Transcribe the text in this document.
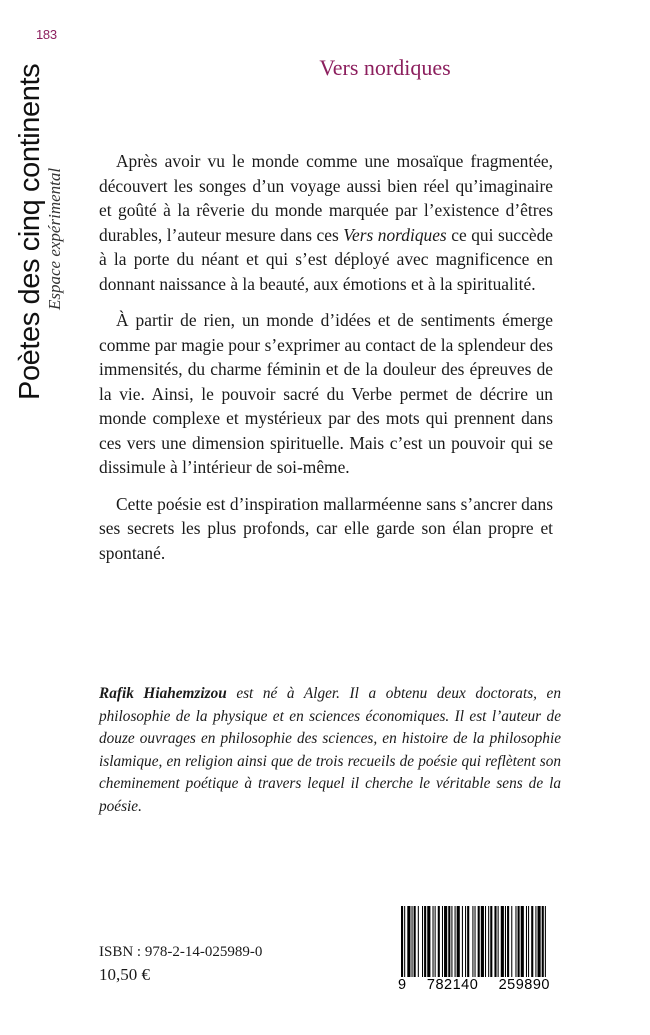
183
Poètes des cinq continents Espace expérimental
Vers nordiques

Après avoir vu le monde comme une mosaïque fragmentée, découvert les songes d’un voyage aussi bien réel qu’imaginaire et goûté à la rêverie du monde marquée par l’existence d’êtres durables, l’auteur mesure dans ces Vers nordiques ce qui succède à la porte du néant et qui s’est déployé avec magnificence en donnant naissance à la beauté, aux émotions et à la spiritualité.

À partir de rien, un monde d’idées et de sentiments émerge comme par magie pour s’exprimer au contact de la splendeur des immensités, du charme féminin et de la douleur des épreuves de la vie. Ainsi, le pouvoir sacré du Verbe permet de décrire un monde complexe et mystérieux par des mots qui prennent dans ces vers une dimension spirituelle. Mais c’est un pouvoir qui se dissimule à l’intérieur de soi-même.

Cette poésie est d’inspiration mallarméenne sans s’ancrer dans ses secrets les plus profonds, car elle garde son élan propre et spontané.

Rafik Hiahemzizou est né à Alger. Il a obtenu deux doctorats, en philosophie de la physique et en sciences économiques. Il est l’auteur de douze ouvrages en philosophie des sciences, en histoire de la philosophie islamique, en religion ainsi que de trois recueils de poésie qui reflètent son cheminement poétique à travers lequel il cherche le véritable sens de la poésie.
ISBN : 978-2-14-025989-0
10,50 €
9 782140 259890
